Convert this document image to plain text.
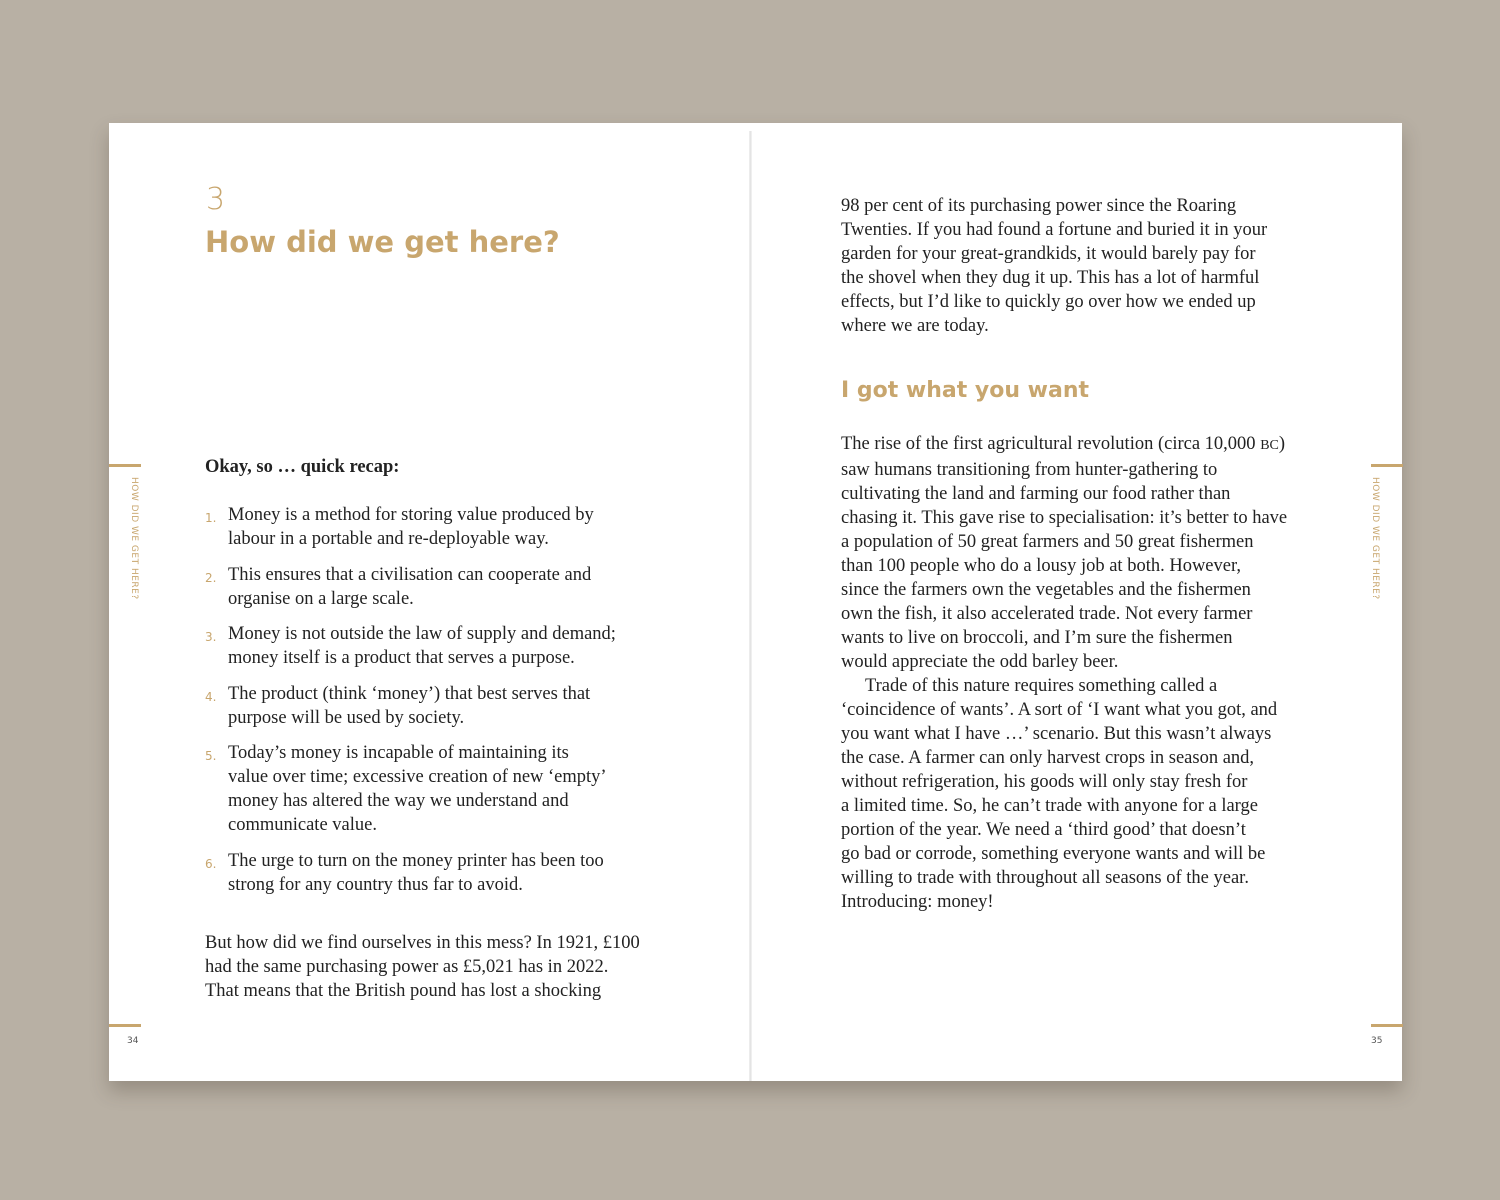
3
How did we get here?
HOW DID WE GET HERE?
34
Okay, so … quick recap:
1. Money is a method for storing value produced by
labour in a portable and re-deployable way.
2. This ensures that a civilisation can cooperate and
organise on a large scale.
3. Money is not outside the law of supply and demand;
money itself is a product that serves a purpose.
4. The product (think ‘money’) that best serves that
purpose will be used by society.
5. Today’s money is incapable of maintaining its
value over time; excessive creation of new ‘empty’
money has altered the way we understand and
communicate value.
6. The urge to turn on the money printer has been too
strong for any country thus far to avoid.
But how did we find ourselves in this mess? In 1921, £100
had the same purchasing power as £5,021 has in 2022.
That means that the British pound has lost a shocking
HOW DID WE GET HERE?
35
98 per cent of its purchasing power since the Roaring
Twenties. If you had found a fortune and buried it in your
garden for your great-grandkids, it would barely pay for
the shovel when they dug it up. This has a lot of harmful
effects, but I’d like to quickly go over how we ended up
where we are today.
I got what you want
The rise of the first agricultural revolution (circa 10,000 BC)
saw humans transitioning from hunter-gathering to
cultivating the land and farming our food rather than
chasing it. This gave rise to specialisation: it’s better to have
a population of 50 great farmers and 50 great fishermen
than 100 people who do a lousy job at both. However,
since the farmers own the vegetables and the fishermen
own the fish, it also accelerated trade. Not every farmer
wants to live on broccoli, and I’m sure the fishermen
would appreciate the odd barley beer.
Trade of this nature requires something called a
‘coincidence of wants’. A sort of ‘I want what you got, and
you want what I have …’ scenario. But this wasn’t always
the case. A farmer can only harvest crops in season and,
without refrigeration, his goods will only stay fresh for
a limited time. So, he can’t trade with anyone for a large
portion of the year. We need a ‘third good’ that doesn’t
go bad or corrode, something everyone wants and will be
willing to trade with throughout all seasons of the year.
Introducing: money!
